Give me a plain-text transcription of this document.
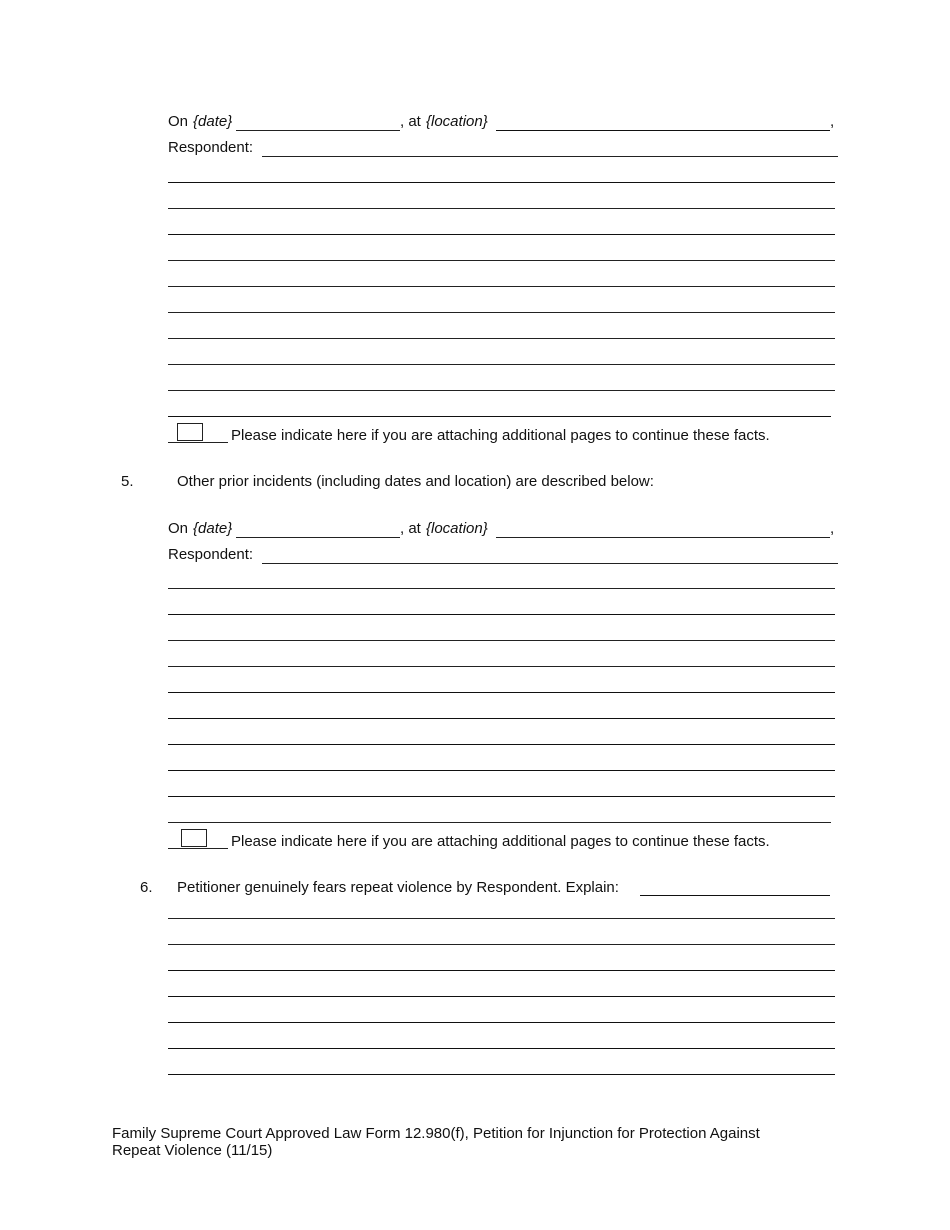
On {date}	, at {location}	,
Respondent:
Please indicate here if you are attaching additional pages to continue these facts.
5.	Other prior incidents (including dates and location) are described below:
On {date}	, at {location}	,
Respondent:
Please indicate here if you are attaching additional pages to continue these facts.
6. Petitioner genuinely fears repeat violence by Respondent. Explain:
Family Supreme Court Approved Law Form 12.980(f), Petition for Injunction for Protection Against
Repeat Violence (11/15)
